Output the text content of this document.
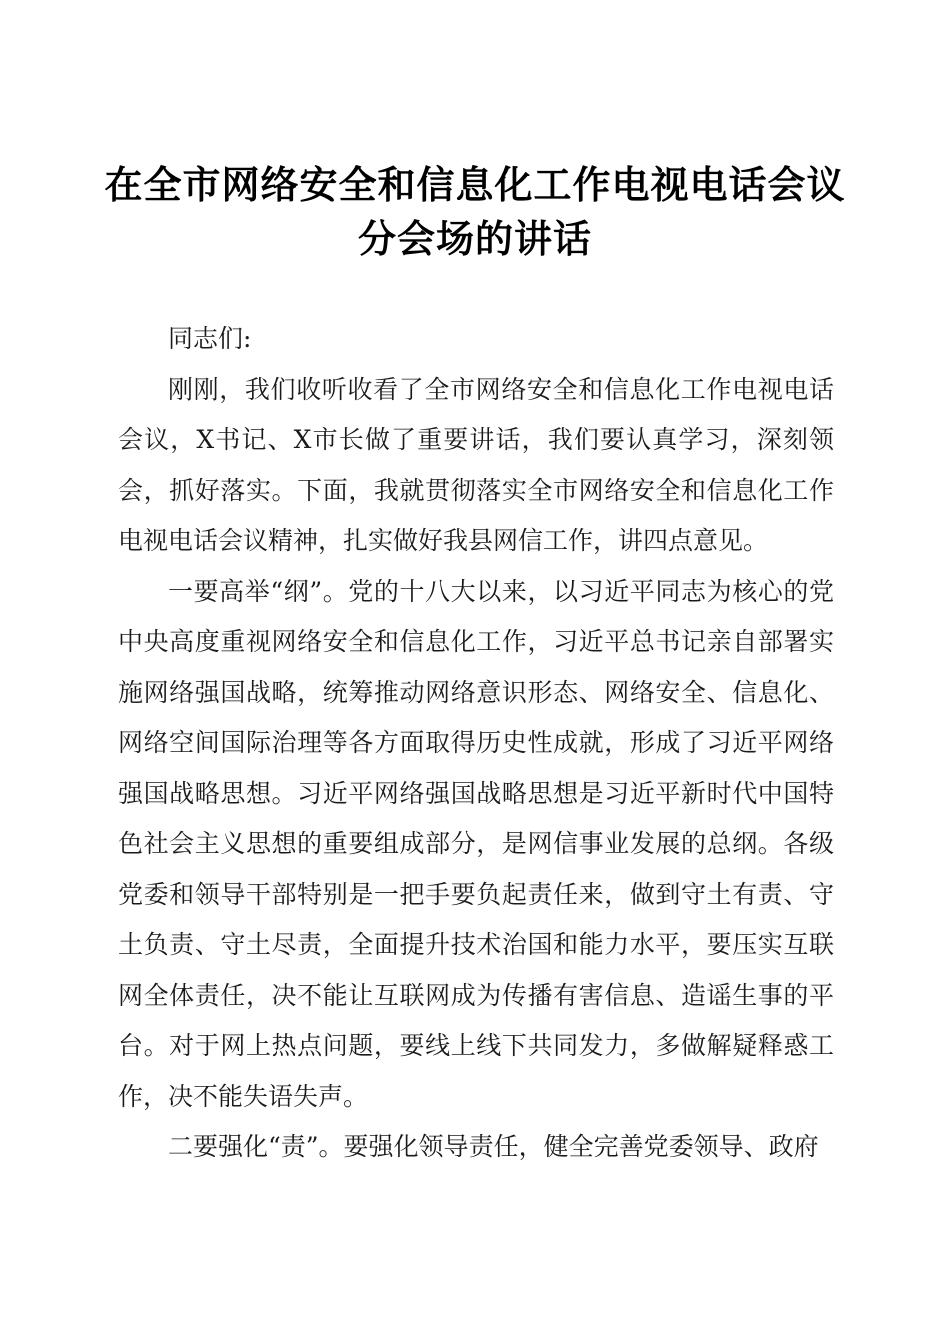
在全市网络安全和信息化工作电视电话会议分会场的讲话

同志们:

刚刚，我们收听收看了全市网络安全和信息化工作电视电话会议，X书记、X市长做了重要讲话，我们要认真学习，深刻领会，抓好落实。下面，我就贯彻落实全市网络安全和信息化工作电视电话会议精神，扎实做好我县网信工作，讲四点意见。

一要高举“纲”。党的十八大以来，以习近平同志为核心的党中央高度重视网络安全和信息化工作，习近平总书记亲自部署实施网络强国战略，统筹推动网络意识形态、网络安全、信息化、网络空间国际治理等各方面取得历史性成就，形成了习近平网络强国战略思想。习近平网络强国战略思想是习近平新时代中国特色社会主义思想的重要组成部分，是网信事业发展的总纲。各级党委和领导干部特别是一把手要负起责任来，做到守土有责、守土负责、守土尽责，全面提升技术治国和能力水平，要压实互联网全体责任，决不能让互联网成为传播有害信息、造谣生事的平台。对于网上热点问题，要线上线下共同发力，多做解疑释惑工作，决不能失语失声。

二要强化“责”。要强化领导责任，健全完善党委领导、政府
